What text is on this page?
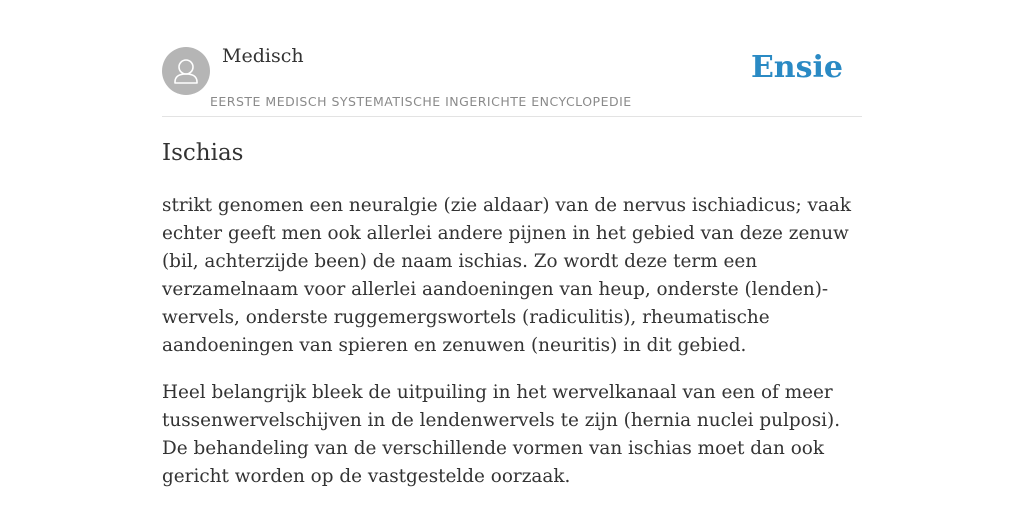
Medisch
EERSTE MEDISCH SYSTEMATISCHE INGERICHTE ENCYCLOPEDIE
Ensie
Ischias

strikt genomen een neuralgie (zie aldaar) van de nervus ischiadicus; vaak echter geeft men ook allerlei andere pijnen in het gebied van deze zenuw (bil, achterzijde been) de naam ischias. Zo wordt deze term een verzamelnaam voor allerlei aandoeningen van heup, onderste (lenden)-wervels, onderste ruggemergswortels (radiculitis), rheumatische aandoeningen van spieren en zenuwen (neuritis) in dit gebied.

Heel belangrijk bleek de uitpuiling in het wervelkanaal van een of meer tussenwervelschijven in de lendenwervels te zijn (hernia nuclei pulposi). De behandeling van de verschillende vormen van ischias moet dan ook gericht worden op de vastgestelde oorzaak.
